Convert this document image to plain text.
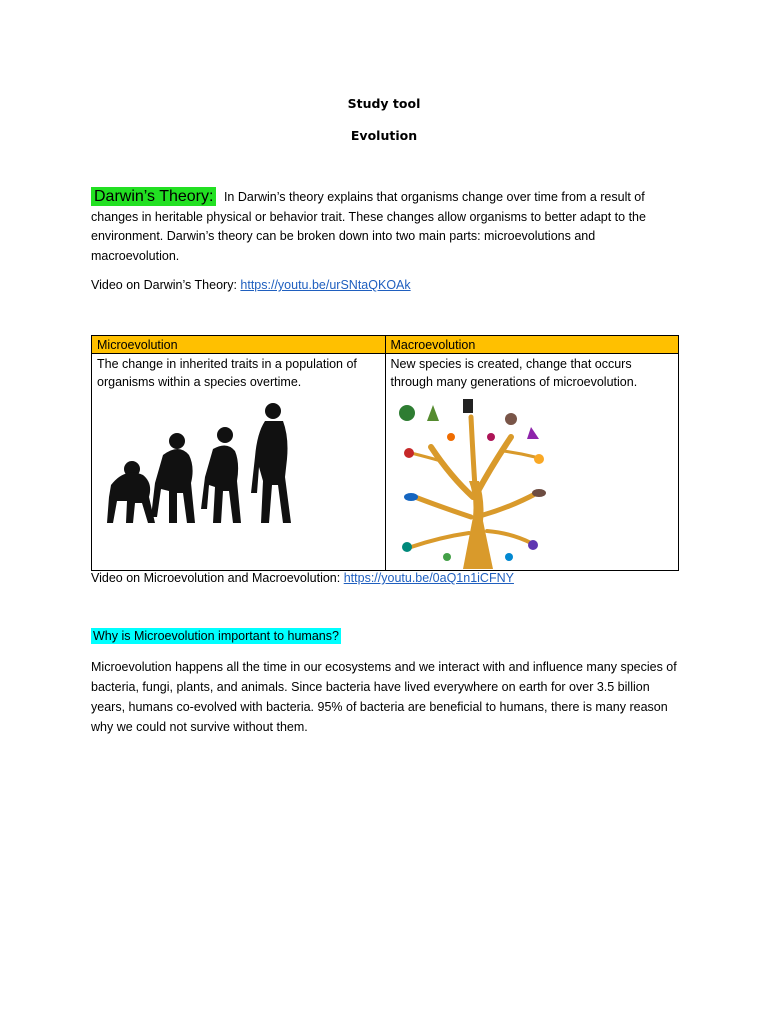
Study tool
Evolution
Darwin’s Theory: In Darwin’s theory explains that organisms change over time from a result of changes in heritable physical or behavior trait. These changes allow organisms to better adapt to the environment. Darwin’s theory can be broken down into two main parts: microevolutions and macroevolution.
Video on Darwin’s Theory: https://youtu.be/urSNtaQKOAk
Microevolution	Macroevolution

The change in inherited traits in a population of organisms within a species overtime.	New species is created, change that occurs through many generations of microevolution.
Video on Microevolution and Macroevolution: https://youtu.be/0aQ1n1iCFNY
Why is Microevolution important to humans?
Microevolution happens all the time in our ecosystems and we interact with and influence many species of bacteria, fungi, plants, and animals. Since bacteria have lived everywhere on earth for over 3.5 billion years, humans co-evolved with bacteria. 95% of bacteria are beneficial to humans, there is many reason why we could not survive without them.
